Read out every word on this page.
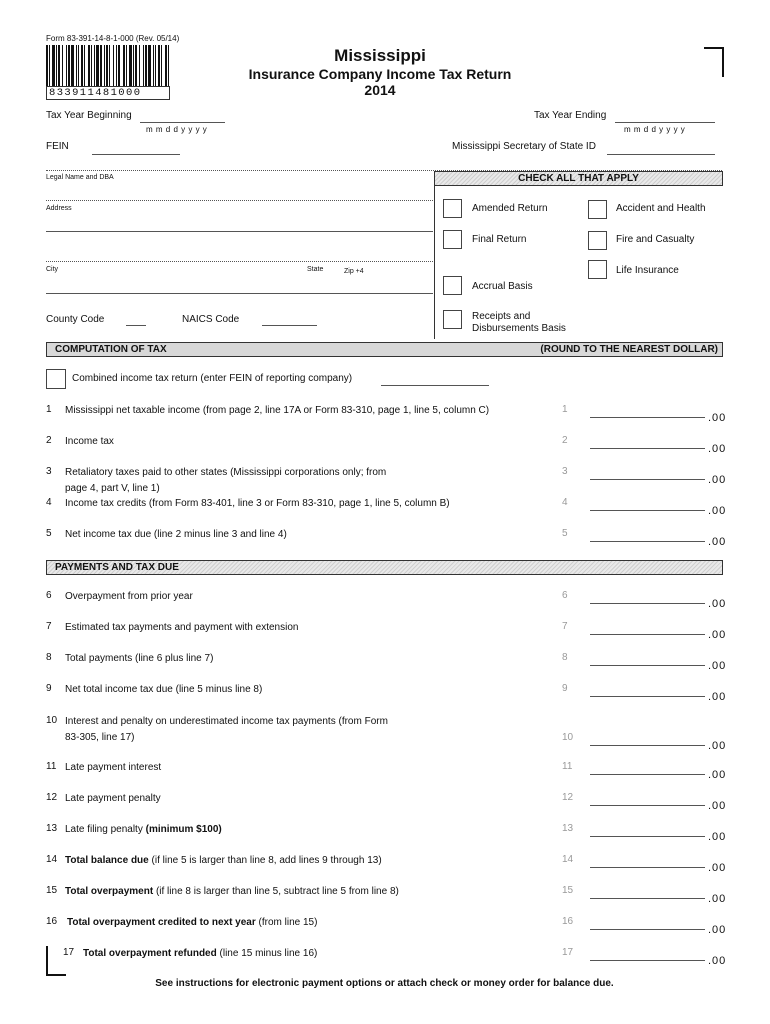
Form 83-391-14-8-1-000 (Rev. 05/14)
833911481000
Mississippi
Insurance Company Income Tax Return
2014
Tax Year Beginning
m m d d y y y y
Tax Year Ending
m m d d y y y y
FEIN	Mississippi Secretary of State ID
Legal Name and DBA
Address
City	State	Zip +4
County Code	NAICS Code
CHECK ALL THAT APPLY
Amended Return	Accident and Health
Final Return	Fire and Casualty
Life Insurance
Accrual Basis
Receipts and
Disbursements Basis
COMPUTATION OF TAX	(ROUND TO THE NEAREST DOLLAR)
Combined income tax return (enter FEIN of reporting company)
PAYMENTS AND TAX DUE
1 Mississippi net taxable income (from page 2, line 17A or Form 83-310, page 1, line 5, column C)	1
.00
2 Income tax	2
.00
3 Retaliatory taxes paid to other states (Mississippi corporations only; from
page 4, part V, line 1)
3
.00
4 Income tax credits (from Form 83-401, line 3 or Form 83-310, page 1, line 5, column B)	4
.00
5 Net income tax due (line 2 minus line 3 and line 4)	5
.00
6 Overpayment from prior year	6
.00
7 Estimated tax payments and payment with extension	7
.00
8 Total payments (line 6 plus line 7)	8
.00
9 Net total income tax due (line 5 minus line 8)	9
.00
10 Interest and penalty on underestimated income tax payments (from Form
83-305, line 17)	10
.00
11 Late payment interest	11
.00
12 Late payment penalty	12
.00
13 Late filing penalty (minimum $100)	13
.00
14 Total balance due (if line 5 is larger than line 8, add lines 9 through 13)	14
.00
15 Total overpayment (if line 8 is larger than line 5, subtract line 5 from line 8)	15
.00
16 Total overpayment credited to next year (from line 15)	16
.00
17 Total overpayment refunded (line 15 minus line 16)	17
.00
See instructions for electronic payment options or attach check or money order for balance due.
